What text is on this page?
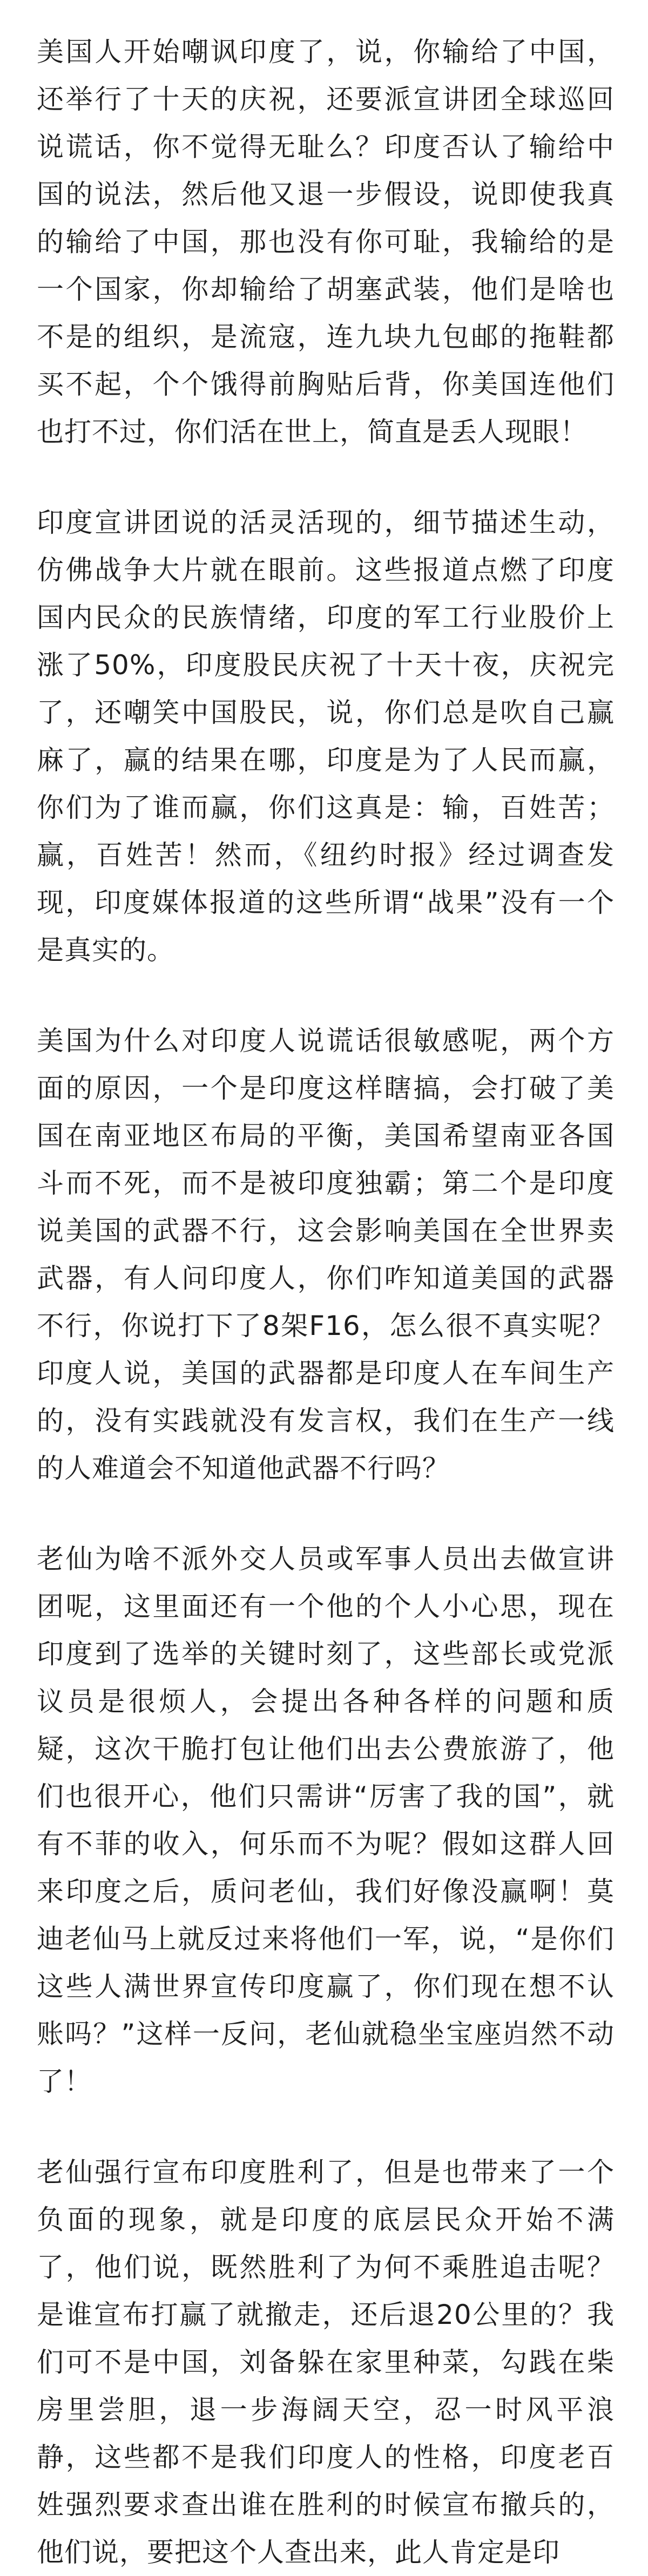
美国人开始嘲讽印度了，说，你输给了中国，还举行了十天的庆祝，还要派宣讲团全球巡回说谎话，你不觉得无耻么？印度否认了输给中国的说法，然后他又退一步假设，说即使我真的输给了中国，那也没有你可耻，我输给的是一个国家，你却输给了胡塞武装，他们是啥也不是的组织，是流寇，连九块九包邮的拖鞋都买不起，个个饿得前胸贴后背，你美国连他们也打不过，你们活在世上，简直是丢人现眼！

印度宣讲团说的活灵活现的，细节描述生动，仿佛战争大片就在眼前。这些报道点燃了印度国内民众的民族情绪，印度的军工行业股价上涨了50%，印度股民庆祝了十天十夜，庆祝完了，还嘲笑中国股民，说，你们总是吹自己赢麻了，赢的结果在哪，印度是为了人民而赢，你们为了谁而赢，你们这真是：输，百姓苦；赢，百姓苦！然而，《纽约时报》经过调查发现，印度媒体报道的这些所谓“战果”没有一个是真实的。

美国为什么对印度人说谎话很敏感呢，两个方面的原因，一个是印度这样瞎搞，会打破了美国在南亚地区布局的平衡，美国希望南亚各国斗而不死，而不是被印度独霸；第二个是印度说美国的武器不行，这会影响美国在全世界卖武器，有人问印度人，你们咋知道美国的武器不行，你说打下了8架F16，怎么很不真实呢？印度人说，美国的武器都是印度人在车间生产的，没有实践就没有发言权，我们在生产一线的人难道会不知道他武器不行吗？

老仙为啥不派外交人员或军事人员出去做宣讲团呢，这里面还有一个他的个人小心思，现在印度到了选举的关键时刻了，这些部长或党派议员是很烦人，会提出各种各样的问题和质疑，这次干脆打包让他们出去公费旅游了，他们也很开心，他们只需讲“厉害了我的国”，就有不菲的收入，何乐而不为呢？假如这群人回来印度之后，质问老仙，我们好像没赢啊！莫迪老仙马上就反过来将他们一军，说，“是你们这些人满世界宣传印度赢了，你们现在想不认账吗？”这样一反问，老仙就稳坐宝座岿然不动了！

老仙强行宣布印度胜利了，但是也带来了一个负面的现象，就是印度的底层民众开始不满了，他们说，既然胜利了为何不乘胜追击呢？是谁宣布打赢了就撤走，还后退20公里的？我们可不是中国，刘备躲在家里种菜，勾践在柴房里尝胆，退一步海阔天空，忍一时风平浪静，这些都不是我们印度人的性格，印度老百姓强烈要求查出谁在胜利的时候宣布撤兵的，他们说，要把这个人查出来，此人肯定是印
